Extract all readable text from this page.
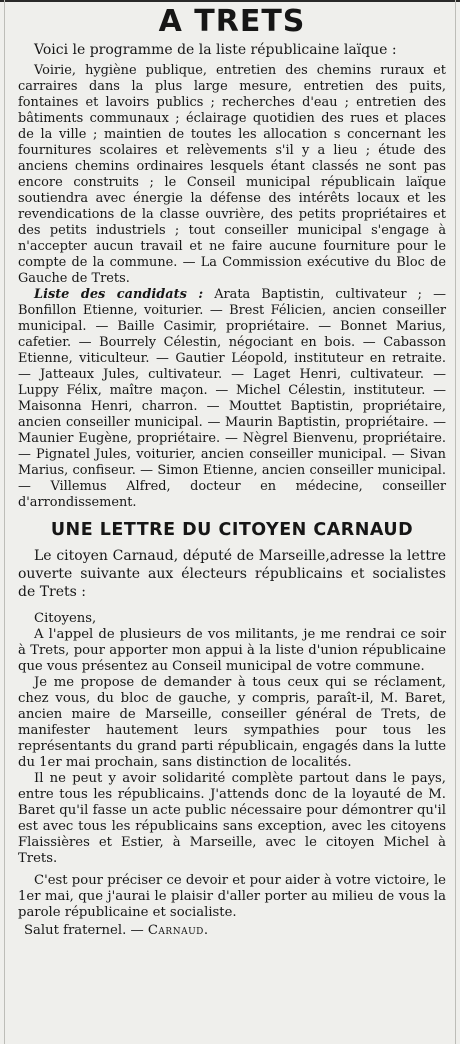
A TRETS

Voici le programme de la liste républicaine laïque :

Voirie, hygiène publique, entretien des chemins ruraux et carraires dans la plus large mesure, entretien des puits, fontaines et lavoirs publics ; recherches d'eau ; entretien des bâtiments communaux ; éclairage quotidien des rues et places de la ville ; maintien de toutes les allocation s concernant les fournitures scolaires et relèvements s'il y a lieu ; étude des anciens chemins ordinaires lesquels étant classés ne sont pas encore construits ; le Conseil municipal républicain laïque soutiendra avec énergie la défense des intérêts locaux et les revendications de la classe ouvrière, des petits propriétaires et des petits industriels ; tout conseiller municipal s'engage à n'accepter aucun travail et ne faire aucune fourniture pour le compte de la commune. — La Commission exécutive du Bloc de Gauche de Trets.

Liste des candidats : Arata Baptistin, cultivateur ; — Bonfillon Etienne, voiturier. — Brest Félicien, ancien conseiller municipal. — Baille Casimir, propriétaire. — Bonnet Marius, cafetier. — Bourrely Célestin, négociant en bois. — Cabasson Etienne, viticulteur. — Gautier Léopold, instituteur en retraite. — Jatteaux Jules, cultivateur. — Laget Henri, cultivateur. — Luppy Félix, maître maçon. — Michel Célestin, instituteur. — Maisonna Henri, charron. — Mouttet Baptistin, propriétaire, ancien conseiller municipal. — Maurin Baptistin, propriétaire. — Maunier Eugène, propriétaire. — Nègrel Bienvenu, propriétaire. — Pignatel Jules, voiturier, ancien conseiller municipal. — Sivan Marius, confiseur. — Simon Etienne, ancien conseiller municipal. — Villemus Alfred, docteur en médecine, conseiller d'arrondissement.

UNE LETTRE DU CITOYEN CARNAUD

Le citoyen Carnaud, député de Marseille,adresse la lettre ouverte suivante aux électeurs républicains et socialistes de Trets :

Citoyens,

A l'appel de plusieurs de vos militants, je me rendrai ce soir à Trets, pour apporter mon appui à la liste d'union républicaine que vous présentez au Conseil municipal de votre commune.

Je me propose de demander à tous ceux qui se réclament, chez vous, du bloc de gauche, y compris, paraît-il, M. Baret, ancien maire de Marseille, conseiller général de Trets, de manifester hautement leurs sympathies pour tous les représentants du grand parti républicain, engagés dans la lutte du 1er mai prochain, sans distinction de localités.

Il ne peut y avoir solidarité complète partout dans le pays, entre tous les républicains. J'attends donc de la loyauté de M. Baret qu'il fasse un acte public nécessaire pour démontrer qu'il est avec tous les républicains sans exception, avec les citoyens Flaissières et Estier, à Marseille, avec le citoyen Michel à Trets.

C'est pour préciser ce devoir et pour aider à votre victoire, le 1er mai, que j'aurai le plaisir d'aller porter au milieu de vous la parole républicaine et socialiste.

Salut fraternel. — Carnaud.
